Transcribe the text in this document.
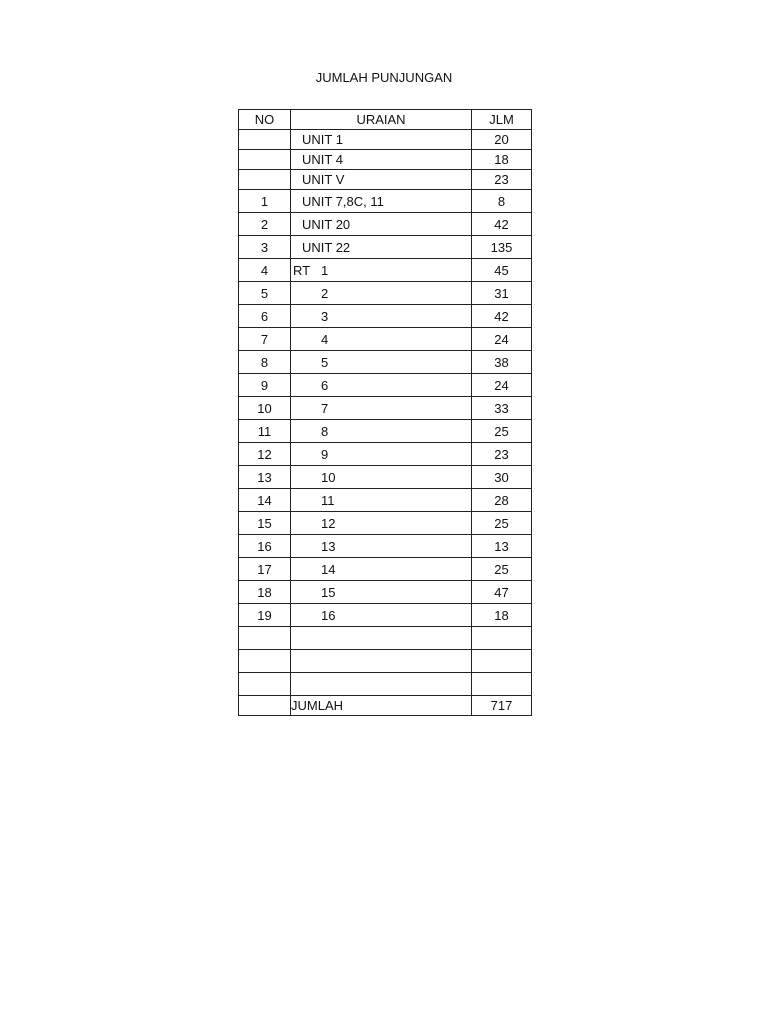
JUMLAH PUNJUNGAN
NO	URAIAN	JLM
	UNIT 1	20
	UNIT 4	18
	UNIT V	23
1	UNIT 7,8C, 11	8
2	UNIT 20	42
3	UNIT 22	135
4	RT 1	45
5	2	31
6	3	42
7	4	24
8	5	38
9	6	24
10	7	33
11	8	25
12	9	23
13	10	30
14	11	28
15	12	25
16	13	13
17	14	25
18	15	47
19	16	18

	JUMLAH	717
